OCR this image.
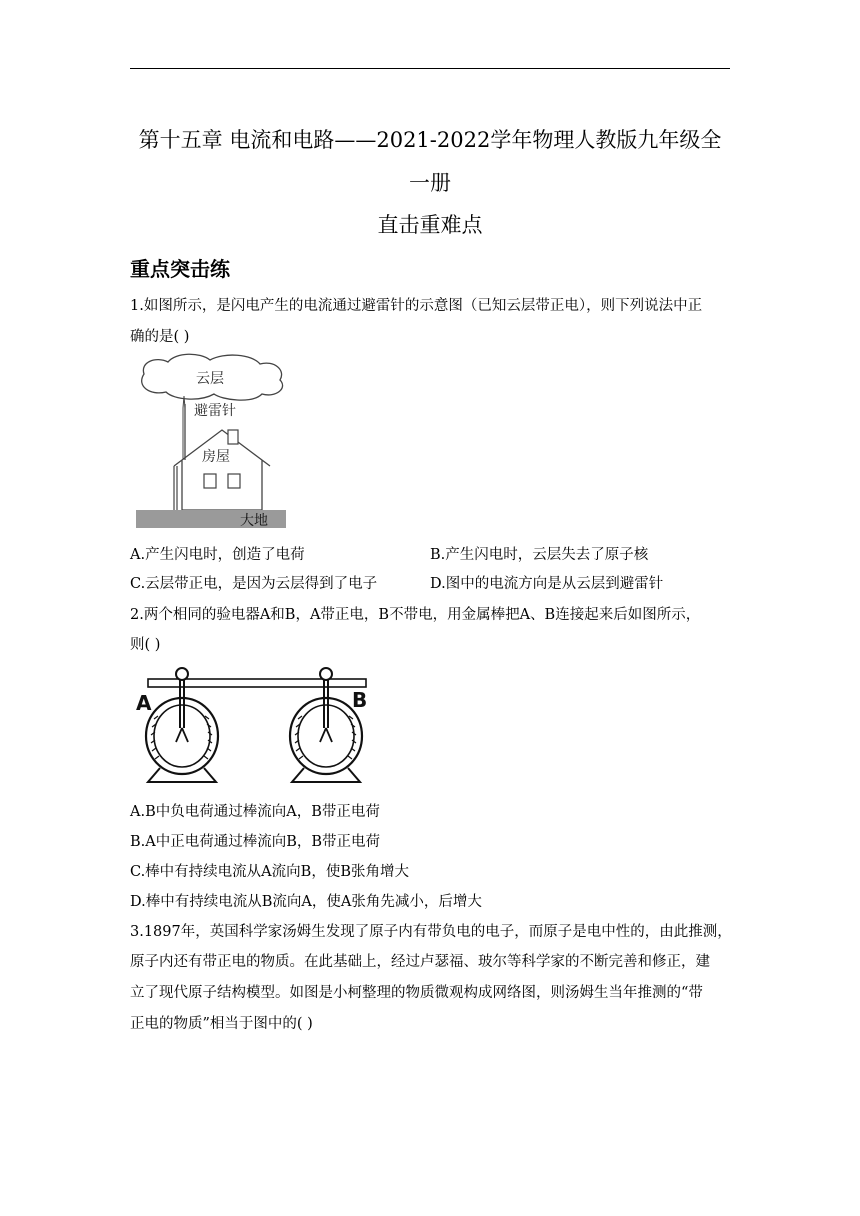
第十五章 电流和电路——2021-2022学年物理人教版九年级全
一册
直击重难点
重点突击练
1.如图所示，是闪电产生的电流通过避雷针的示意图（已知云层带正电），则下列说法中正
确的是( )
云层
避雷针
房屋
大地
A.产生闪电时，创造了电荷	B.产生闪电时，云层失去了原子核
C.云层带正电，是因为云层得到了电子	D.图中的电流方向是从云层到避雷针
2.两个相同的验电器A和B，A带正电，B不带电，用金属棒把A、B连接起来后如图所示，
则( )
A	B
A.B中负电荷通过棒流向A，B带正电荷
B.A中正电荷通过棒流向B，B带正电荷
C.棒中有持续电流从A流向B，使B张角增大
D.棒中有持续电流从B流向A，使A张角先减小，后增大
3.1897年，英国科学家汤姆生发现了原子内有带负电的电子，而原子是电中性的，由此推测，
原子内还有带正电的物质。在此基础上，经过卢瑟福、玻尔等科学家的不断完善和修正，建
立了现代原子结构模型。如图是小柯整理的物质微观构成网络图，则汤姆生当年推测的“带
正电的物质”相当于图中的( )
